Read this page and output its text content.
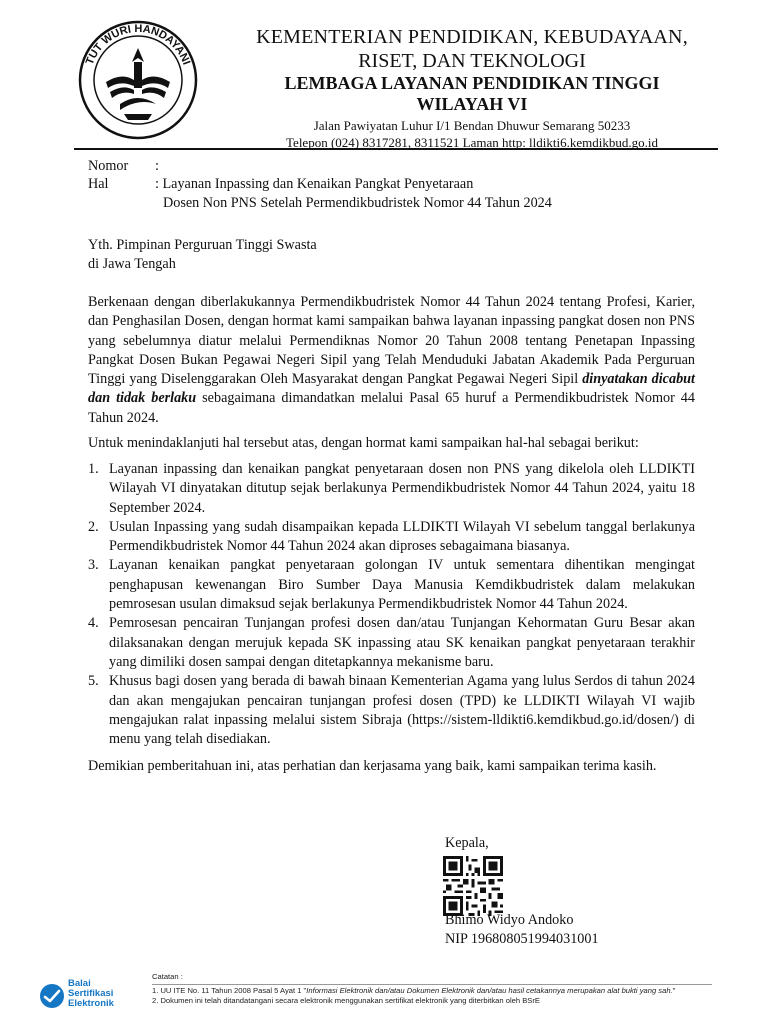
TUT WURI HANDAYANI
KEMENTERIAN PENDIDIKAN, KEBUDAYAAN,
RISET, DAN TEKNOLOGI
LEMBAGA LAYANAN PENDIDIKAN TINGGI
WILAYAH VI
Jalan Pawiyatan Luhur I/1 Bendan Dhuwur Semarang 50233
Telepon (024) 8317281, 8311521 Laman http: lldikti6.kemdikbud.go.id
Nomor :
Hal	: Layanan Inpassing dan Kenaikan Pangkat Penyetaraan
Dosen Non PNS Setelah Permendikbudristek Nomor 44 Tahun 2024
Yth. Pimpinan Perguruan Tinggi Swasta
di Jawa Tengah
Berkenaan dengan diberlakukannya Permendikbudristek Nomor 44 Tahun 2024 tentang Profesi, Karier, dan Penghasilan Dosen, dengan hormat kami sampaikan bahwa layanan inpassing pangkat dosen non PNS yang sebelumnya diatur melalui Permendiknas Nomor 20 Tahun 2008 tentang Penetapan Inpassing Pangkat Dosen Bukan Pegawai Negeri Sipil yang Telah Menduduki Jabatan Akademik Pada Perguruan Tinggi yang Diselenggarakan Oleh Masyarakat dengan Pangkat Pegawai Negeri Sipil dinyatakan dicabut dan tidak berlaku sebagaimana dimandatkan melalui Pasal 65 huruf a Permendikbudristek Nomor 44 Tahun 2024.
Untuk menindaklanjuti hal tersebut atas, dengan hormat kami sampaikan hal-hal sebagai berikut:
1. Layanan inpassing dan kenaikan pangkat penyetaraan dosen non PNS yang dikelola oleh LLDIKTI Wilayah VI dinyatakan ditutup sejak berlakunya Permendikbudristek Nomor 44 Tahun 2024, yaitu 18 September 2024.
2. Usulan Inpassing yang sudah disampaikan kepada LLDIKTI Wilayah VI sebelum tanggal berlakunya Permendikbudristek Nomor 44 Tahun 2024 akan diproses sebagaimana biasanya.
3. Layanan kenaikan pangkat penyetaraan golongan IV untuk sementara dihentikan mengingat penghapusan kewenangan Biro Sumber Daya Manusia Kemdikbudristek dalam melakukan pemrosesan usulan dimaksud sejak berlakunya Permendikbudristek Nomor 44 Tahun 2024.
4. Pemrosesan pencairan Tunjangan profesi dosen dan/atau Tunjangan Kehormatan Guru Besar akan dilaksanakan dengan merujuk kepada SK inpassing atau SK kenaikan pangkat penyetaraan terakhir yang dimiliki dosen sampai dengan ditetapkannya mekanisme baru.
5. Khusus bagi dosen yang berada di bawah binaan Kementerian Agama yang lulus Serdos di tahun 2024 dan akan mengajukan pencairan tunjangan profesi dosen (TPD) ke LLDIKTI Wilayah VI wajib mengajukan ralat inpassing melalui sistem Sibraja (https://sistem-lldikti6.kemdikbud.go.id/dosen/) di menu yang telah disediakan.
Demikian pemberitahuan ini, atas perhatian dan kerjasama yang baik, kami sampaikan terima kasih.
Kepala,
Bhimo Widyo Andoko
NIP 196808051994031001
Balai
Sertifikasi
Elektronik
Catatan :
1. UU ITE No. 11 Tahun 2008 Pasal 5 Ayat 1 "Informasi Elektronik dan/atau Dokumen Elektronik dan/atau hasil cetakannya merupakan alat bukti yang sah."
2. Dokumen ini telah ditandatangani secara elektronik menggunakan sertifikat elektronik yang diterbitkan oleh BSrE
